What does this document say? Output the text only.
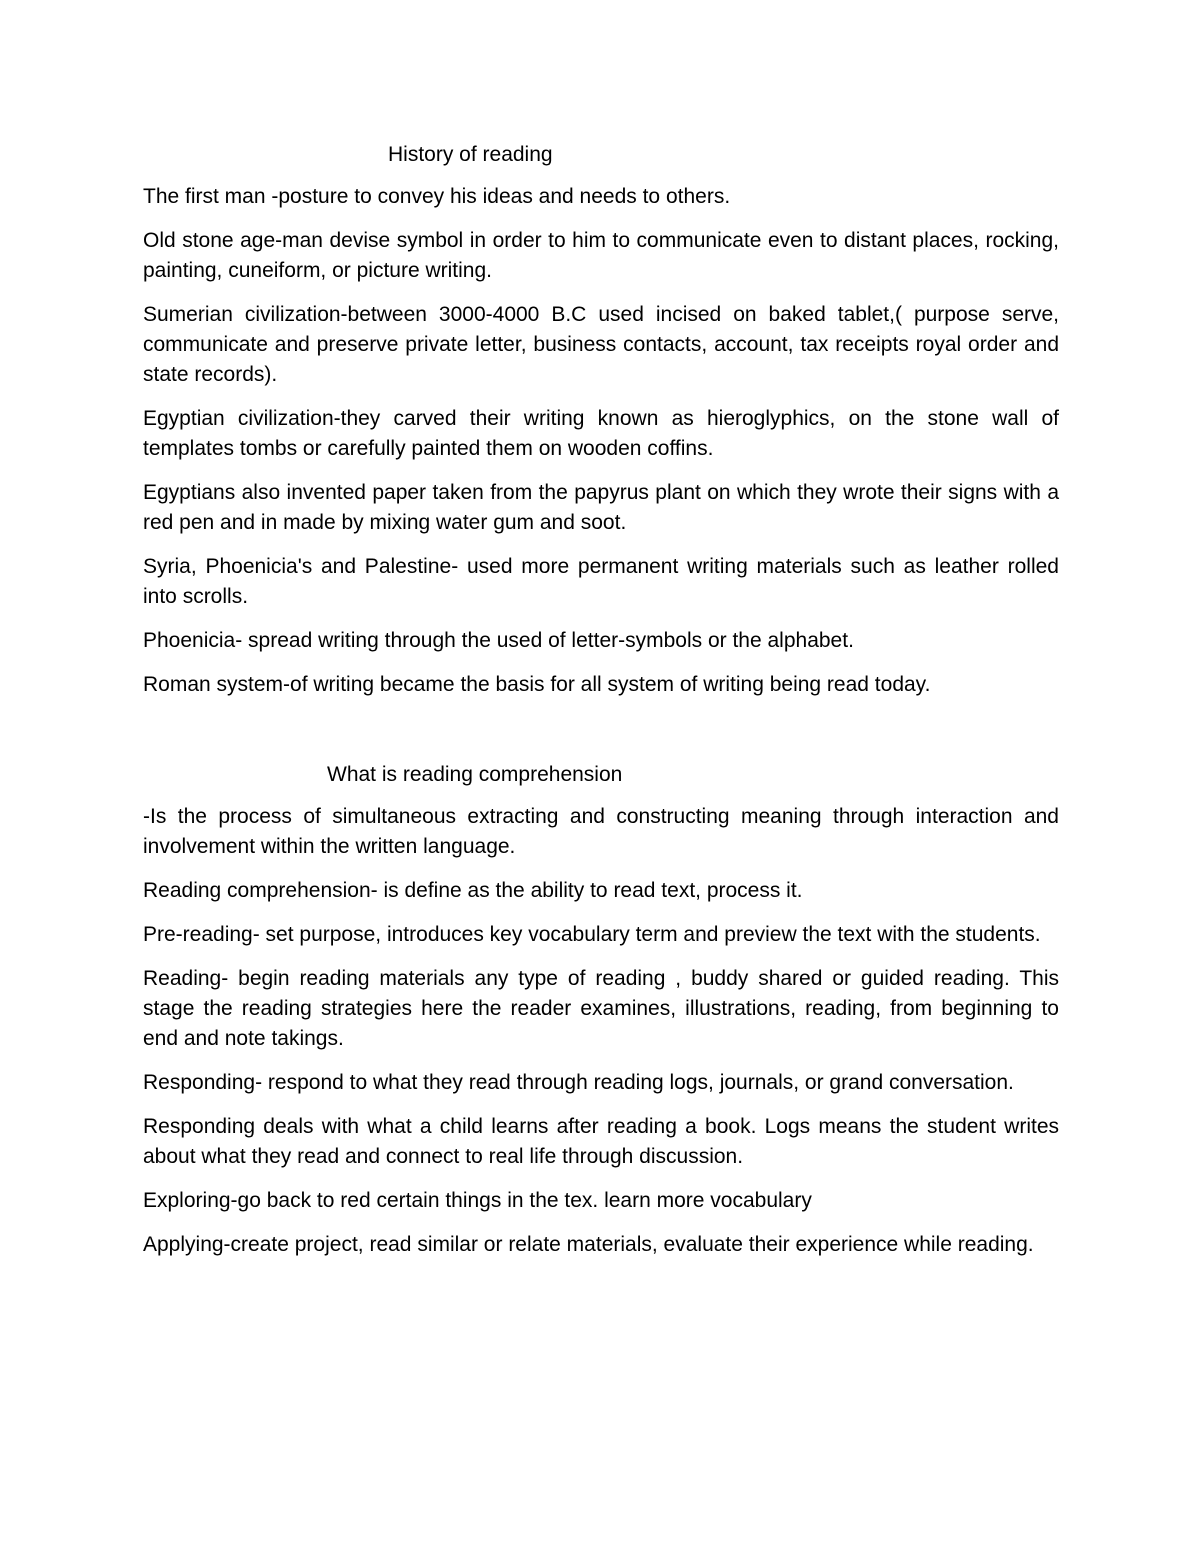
History of reading

The first man -posture to convey his ideas and needs to others.

Old stone age-man devise symbol in order to him to communicate even to distant places, rocking, painting, cuneiform, or picture writing.

Sumerian civilization-between 3000-4000 B.C used incised on baked tablet,( purpose serve, communicate and preserve private letter, business contacts, account, tax receipts royal order and state records).

Egyptian civilization-they carved their writing known as hieroglyphics, on the stone wall of templates tombs or carefully painted them on wooden coffins.

Egyptians also invented paper taken from the papyrus plant on which they wrote their signs with a red pen and in made by mixing water gum and soot.

Syria, Phoenicia's and Palestine- used more permanent writing materials such as leather rolled into scrolls.

Phoenicia- spread writing through the used of letter-symbols or the alphabet.

Roman system-of writing became the basis for all system of writing being read today.

What is reading comprehension

-Is the process of simultaneous extracting and constructing meaning through interaction and involvement within the written language.

Reading comprehension- is define as the ability to read text, process it.

Pre-reading- set purpose, introduces key vocabulary term and preview the text with the students.

Reading- begin reading materials any type of reading , buddy shared or guided reading. This stage the reading strategies here the reader examines, illustrations, reading, from beginning to end and note takings.

Responding- respond to what they read through reading logs, journals, or grand conversation.

Responding deals with what a child learns after reading a book. Logs means the student writes about what they read and connect to real life through discussion.

Exploring-go back to red certain things in the tex. learn more vocabulary

Applying-create project, read similar or relate materials, evaluate their experience while reading.
